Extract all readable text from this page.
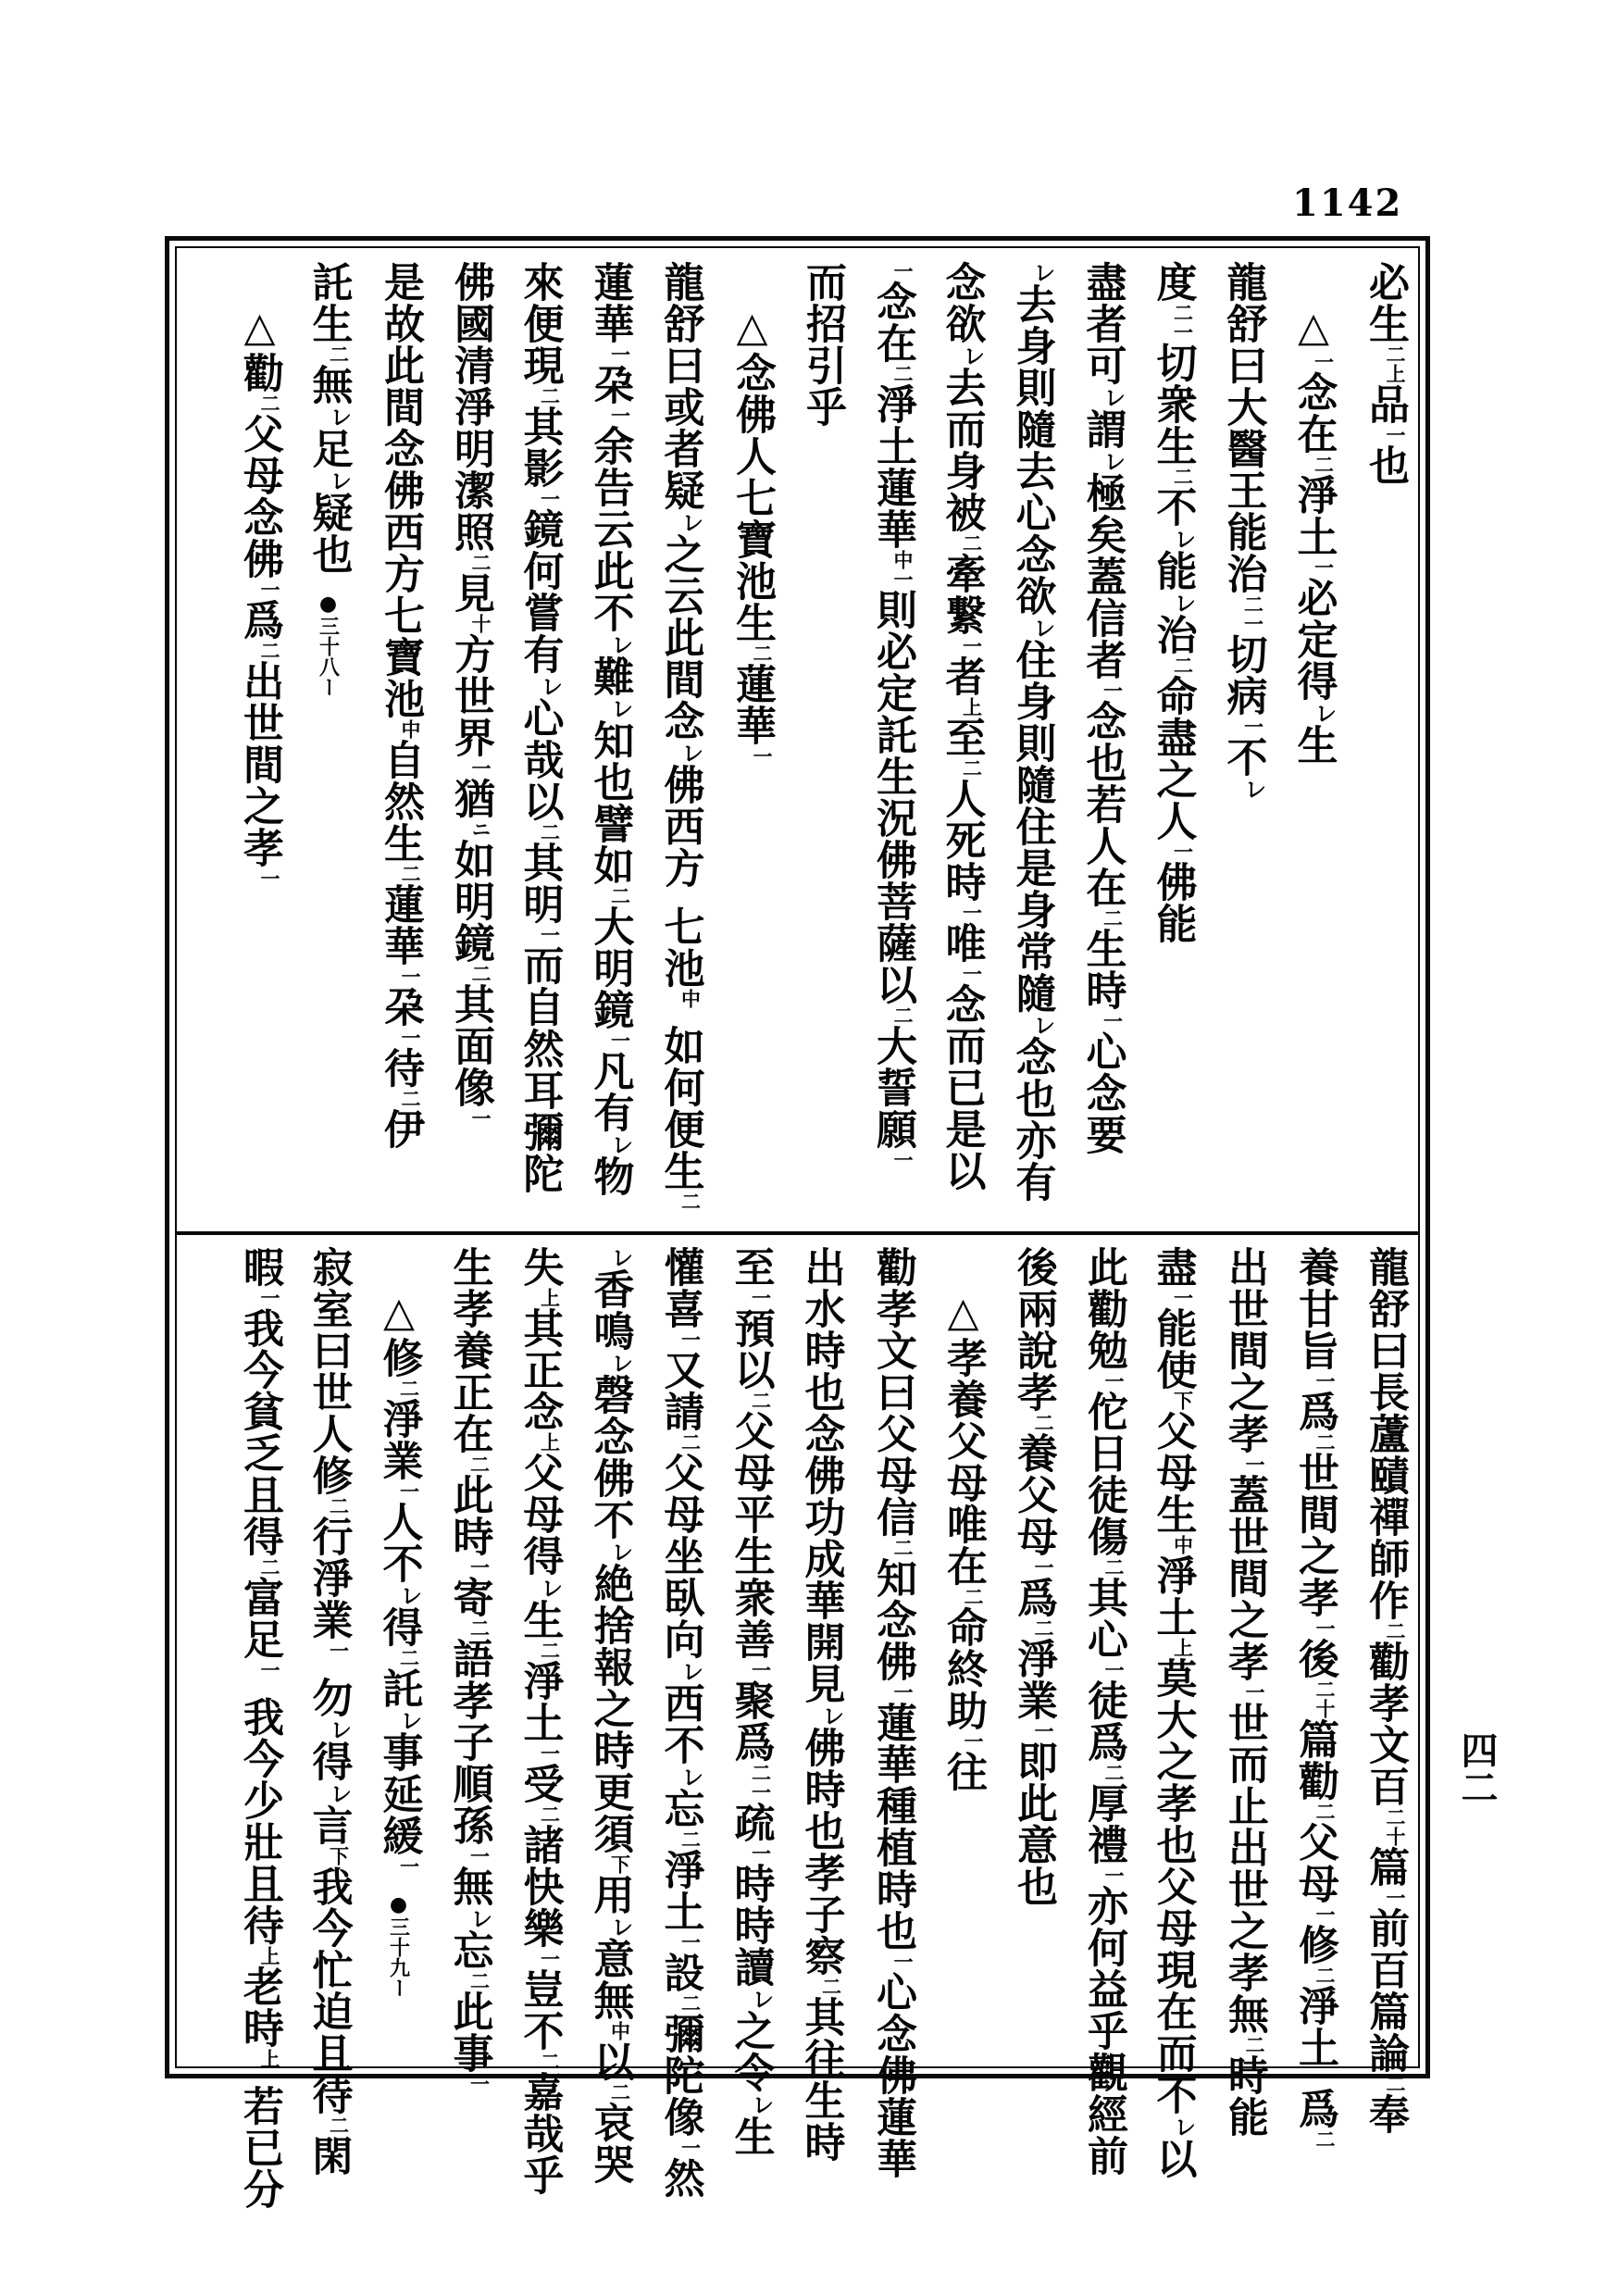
1142
四二
必生二上品一也
△一念在二淨土一必定得レ生
龍舒曰大醫王能治二一切病一不レ
度二一切衆生二不レ能レ治二命盡之人一佛能
盡者可レ謂レ極矣蓋信者一念也若人在二生時一心念要
レ去身則隨去心念欲レ住身則隨住是身常隨レ念也亦有
念欲レ去而身被二牽繋一者上至二人死時一唯一念而已是以
一念在二淨土蓮華中一則必定託生況佛菩薩以二大誓願一
而招引乎
△念佛人七寶池生二蓮華一
龍舒曰或者疑レ之云此間念レ佛西方七池中如何便生二
蓮華一朶一余告云此不レ難レ知也譬如二大明鏡一凡有レ物
來便現二其影一鏡何嘗有レ心哉以二其明一而自然耳彌陀
佛國清淨明潔照二見十方世界一猶ニ如明鏡二其面像一
是故此間念佛西方七寶池中自然生二蓮華一朶一待二伊
託生二無レ足レ疑也●三十八ー
△勸二父母念佛一爲二出世間之孝一
龍舒曰長蘆賾禪師作二勸孝文百二十篇一前百篇論二奉
養甘旨一爲二世間之孝一後二十篇勸二父母一修二淨土一爲二
出世間之孝一蓋世間之孝一世而止出世之孝無二時能
盡一能使下父母生中淨土上莫大之孝也父母現在而不レ以
此勸勉一佗日徒傷二其心一徒爲二厚禮一亦何益乎觀經前
後兩說孝二養父母一爲二淨業一即此意也
△孝養父母唯在二命終助一往
勸孝文曰父母信二知念佛一蓮華種植時也一心念佛蓮華
出水時也念佛功成華開見レ佛時也孝子察二其往生時
至一預以二父母平生衆善一聚爲二一疏一時時讀レ之令レ生
懽喜一又請二父母坐臥向レ西不レ忘二淨土一設二彌陀像一然
レ香鳴レ磬念佛不レ絶捨報之時更須下用レ意無中以二哀哭
失上其正念上父母得レ生二淨土一受二諸快樂一豈不二嘉哉乎
生孝養正在二此時一寄二語孝子順孫一無レ忘二此事一
△修二淨業一人不レ得二託レ事延緩一●三十九ー
寂室曰世人修二行淨業一勿レ得レ言下我今忙迫且待二閑
暇一我今貧乏且得二富足一我今少壯且待上老時上若已分
